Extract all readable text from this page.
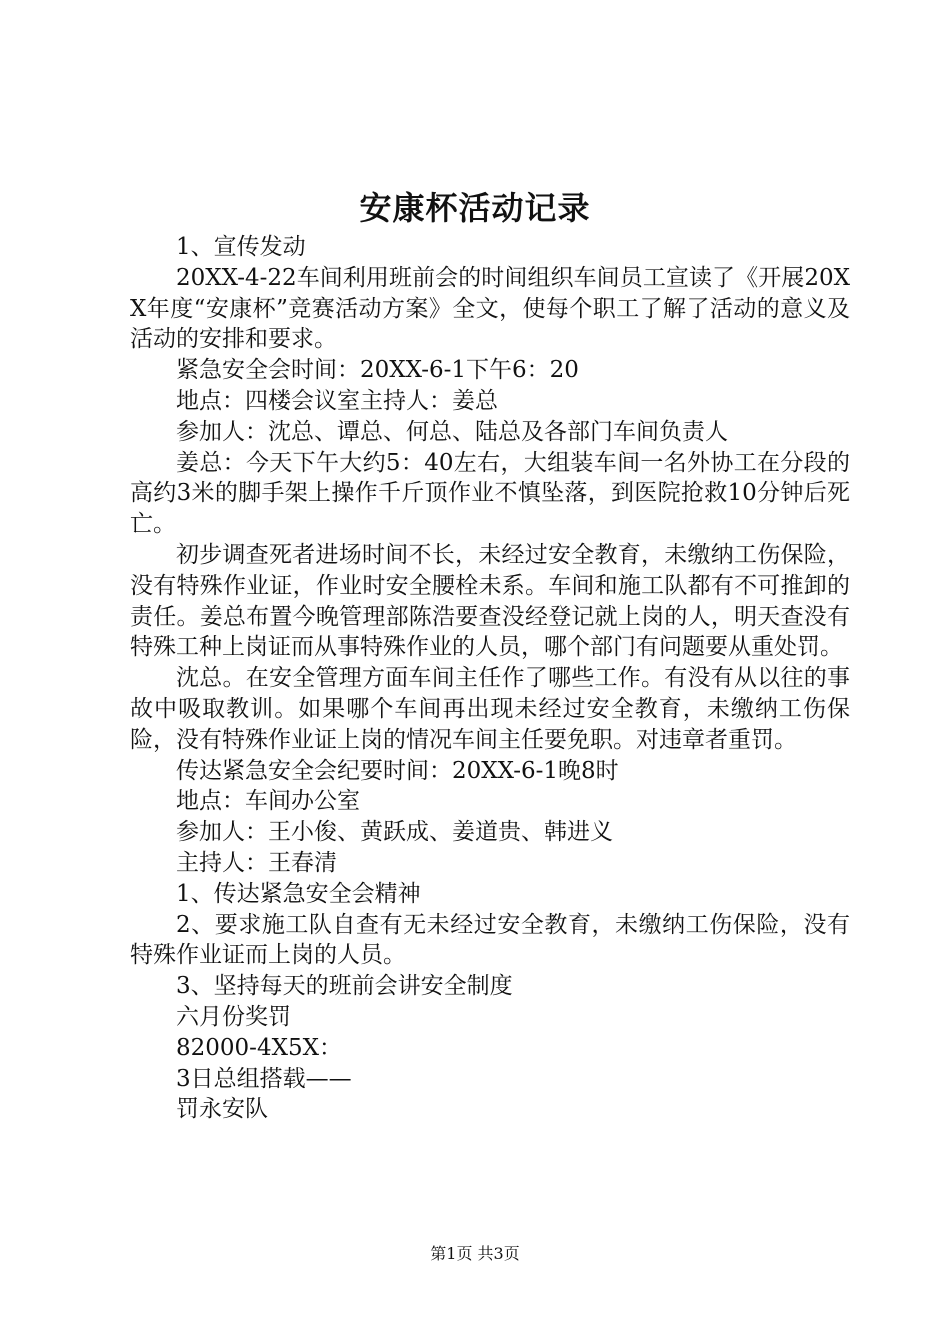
安康杯活动记录

1、宣传发动

20XX-4-22车间利用班前会的时间组织车间员工宣读了《开展20XX年度“安康杯”竞赛活动方案》全文，使每个职工了解了活动的意义及活动的安排和要求。

紧急安全会时间：20XX-6-1下午6：20

地点：四楼会议室主持人：姜总

参加人：沈总、谭总、何总、陆总及各部门车间负责人

姜总：今天下午大约5：40左右，大组装车间一名外协工在分段的高约3米的脚手架上操作千斤顶作业不慎坠落，到医院抢救10分钟后死亡。

初步调查死者进场时间不长，未经过安全教育，未缴纳工伤保险，没有特殊作业证，作业时安全腰栓未系。车间和施工队都有不可推卸的责任。姜总布置今晚管理部陈浩要查没经登记就上岗的人，明天查没有特殊工种上岗证而从事特殊作业的人员，哪个部门有问题要从重处罚。

沈总。在安全管理方面车间主任作了哪些工作。有没有从以往的事故中吸取教训。如果哪个车间再出现未经过安全教育，未缴纳工伤保险，没有特殊作业证上岗的情况车间主任要免职。对违章者重罚。

传达紧急安全会纪要时间：20XX-6-1晚8时

地点：车间办公室

参加人：王小俊、黄跃成、姜道贵、韩进义

主持人：王春清

1、传达紧急安全会精神

2、要求施工队自查有无未经过安全教育，未缴纳工伤保险，没有特殊作业证而上岗的人员。

3、坚持每天的班前会讲安全制度

六月份奖罚

82000-4X5X：

3日总组搭载——

罚永安队

第1页 共3页
